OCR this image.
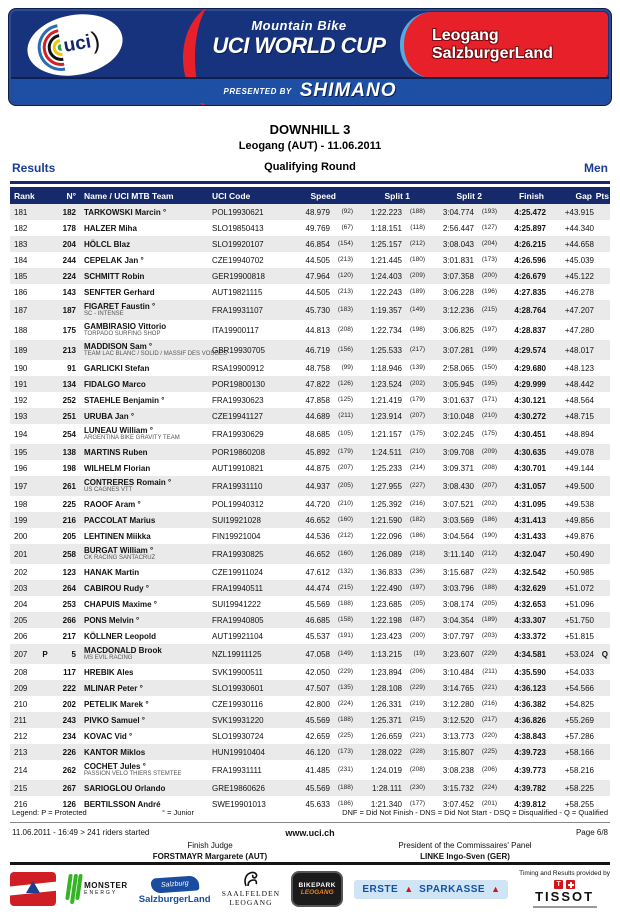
uci
)
Mountain Bike
UCI WORLD CUP	Leogang
SalzburgerLand
PRESENTED BY SHIMANO
DOWNHILL 3
Leogang (AUT) - 11.06.2011
Results	Qualifying Round	Men
Rank	N° Name / UCI MTB Team	UCI Code	Speed	Split 1	Split 2	Finish	Gap Pts
181	182 TARKOWSKI Marcin °	POL19930621	48.979	(92)	1:22.223	(188)	3:04.774	(193)	4:25.472	+43.915
182	178 HALZER Miha	SLO19850413	49.769	(67)	1:18.151	(118)	2:56.447	(127)	4:25.897	+44.340
183	204 HÖLCL Blaz	SLO19920107	46.854	(154)	1:25.157	(212)	3:08.043	(204)	4:26.215	+44.658
184	244 CEPELAK Jan °	CZE19940702	44.505	(213)	1:21.445	(180)	3:01.831	(173)	4:26.596	+45.039
185	224 SCHMITT Robin	GER19900818	47.964	(120)	1:24.403	(209)	3:07.358	(200)	4:26.679	+45.122
186	143 SENFTER Gerhard	AUT19821115	44.505	(213)	1:22.243	(189)	3:06.228	(196)	4:27.835	+46.278
187	187 FIGARET Faustin °
SC - INTENSE	FRA19931107	45.730	(183)	1:19.357	(149)	3:12.236	(215)	4:28.764	+47.207
188	175 GAMBIRASIO Vittorio
TORPADO SURFING SHOP	ITA19900117	44.813	(208)	1:22.734	(198)	3:06.825	(197)	4:28.837	+47.280
189	213 MADDISON Sam °
TEAM LAC BLANC / SOLID / MASSIF DES VOSGES
GBR19930705	46.719	(156)	1:25.533	(217)	3:07.281	(199)	4:29.574	+48.017
190	91 GARLICKI Stefan	RSA19900912	48.758	(99)	1:18.946	(139)	2:58.065	(150)	4:29.680	+48.123
191	134 FIDALGO Marco	POR19800130	47.822	(126)	1:23.524	(202)	3:05.945	(195)	4:29.999	+48.442
192	252 STAEHLE Benjamin °	FRA19930623	47.858	(125)	1:21.419	(179)	3:01.637	(171)	4:30.121	+48.564
193	251 URUBA Jan °	CZE19941127	44.689	(211)	1:23.914	(207)	3:10.048	(210)	4:30.272	+48.715
194	254 LUNEAU William °
ARGENTINA BIKE GRAVITY TEAM	FRA19930629	48.685	(105)	1:21.157	(175)	3:02.245	(175)	4:30.451	+48.894
195	138 MARTINS Ruben	POR19860208	45.892	(179)	1:24.511	(210)	3:09.708	(209)	4:30.635	+49.078
196	198 WILHELM Florian	AUT19910821	44.875	(207)	1:25.233	(214)	3:09.371	(208)	4:30.701	+49.144
197	261 CONTRERES Romain °
US CAGNES VTT	FRA19931110	44.937	(205)	1:27.955	(227)	3:08.430	(207)	4:31.057	+49.500
198	225 RAOOF Aram °	POL19940312	44.720	(210)	1:25.392	(216)	3:07.521	(202)	4:31.095	+49.538
199	216 PACCOLAT Marius	SUI19921028	46.652	(160)	1:21.590	(182)	3:03.569	(186)	4:31.413	+49.856
200	205 LEHTINEN Miikka	FIN19921004	44.536	(212)	1:22.096	(186)	3:04.564	(190)	4:31.433	+49.876
201	258 BURGAT William °
CK RACING SANTACRUZ	FRA19930825	46.652	(160)	1:26.089	(218)	3:11.140	(212)	4:32.047	+50.490
202	123 HANAK Martin	CZE19911024	47.612	(132)	1:36.833	(236)	3:15.687	(223)	4:32.542	+50.985
203	264 CABIROU Rudy °	FRA19940511	44.474	(215)	1:22.490	(197)	3:03.796	(188)	4:32.629	+51.072
204	253 CHAPUIS Maxime °	SUI19941222	45.569	(188)	1:23.685	(205)	3:08.174	(205)	4:32.653	+51.096
205	266 PONS Melvin °	FRA19940805	46.685	(158)	1:22.198	(187)	3:04.354	(189)	4:33.307	+51.750
206	217 KÖLLNER Leopold	AUT19921104	45.537	(191)	1:23.423	(200)	3:07.797	(203)	4:33.372	+51.815
207	P	5 MACDONALD Brook
MS EVIL RACING	NZL19911125	47.058	(149)	1:13.215	(19)	3:23.607	(229)	4:34.581	+53.024 Q
208	117 HREBIK Ales	SVK19900511	42.050	(229)	1:23.894	(206)	3:10.484	(211)	4:35.590	+54.033
209	222 MLINAR Peter °	SLO19930601	47.507	(135)	1:28.108	(229)	3:14.765	(221)	4:36.123	+54.566
210	202 PETELIK Marek °	CZE19930116	42.800	(224)	1:26.331	(219)	3:12.280	(216)	4:36.382	+54.825
211	243 PIVKO Samuel °	SVK19931220	45.569	(188)	1:25.371	(215)	3:12.520	(217)	4:36.826	+55.269
212	234 KOVAC Vid °	SLO19930724	42.659	(225)	1:26.659	(221)	3:13.773	(220)	4:38.843	+57.286
213	226 KANTOR Miklos	HUN19910404	46.120	(173)	1:28.022	(228)	3:15.807	(225)	4:39.723	+58.166
214	262 COCHET Jules °
PASSION VELO THIERS STEMTEE	FRA19931111	41.485	(231)	1:24.019	(208)	3:08.238	(206)	4:39.773	+58.216
215	267 SARIOGLOU Orlando	GRE19860626	45.569	(188)	1:28.111	(230)	3:15.732	(224)	4:39.782	+58.225
216	126 BERTILSSON André	SWE19901013	45.633	(186)	1:21.340	(177)	3:07.452	(201)	4:39.812	+58.255
Legend: P = Protected	° = Junior	DNF = Did Not Finish - DNS = Did Not Start - DSQ = Disqualified - Q = Qualified
11.06.2011 - 16:49 > 241 riders started	www.uci.ch	Page 6/8
Finish Judge
FORSTMAYR Margarete (AUT)
President of the Commissaires' Panel
LINKE Ingo-Sven (GER)
MONSTER
ENERGY
Salzburg
SalzburgerLand
SAALFELDEN
LEOGANG
BIKEPARK
LEOGANG	ERSTE ▲ SPARKASSE ▲
Timing and Results provided by
T
TISSOT
